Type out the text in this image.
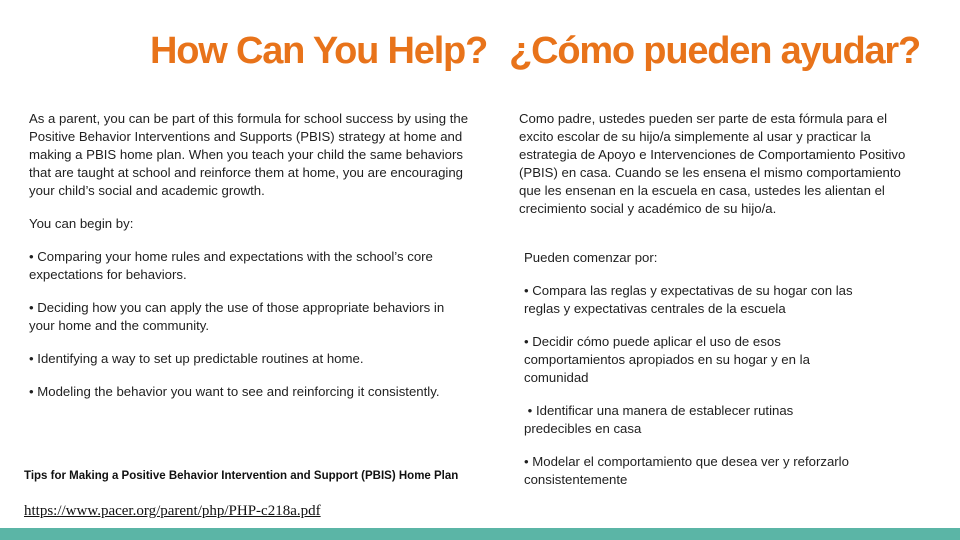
How Can You Help? ¿Cómo pueden ayudar?

As a parent, you can be part of this formula for school success by using the Positive Behavior Interventions and Supports (PBIS) strategy at home and making a PBIS home plan. When you teach your child the same behaviors that are taught at school and reinforce them at home, you are encouraging your child’s social and academic growth.

You can begin by:

• Comparing your home rules and expectations with the school’s core expectations for behaviors.

• Deciding how you can apply the use of those appropriate behaviors in your home and the community.

• Identifying a way to set up predictable routines at home.

• Modeling the behavior you want to see and reinforcing it consistently.

Como padre, ustedes pueden ser parte de esta fórmula para el excito escolar de su hijo/a simplemente al usar y practicar la estrategia de Apoyo e Intervenciones de Comportamiento Positivo (PBIS) en casa. Cuando se les ensena el mismo comportamiento que les ensenan en la escuela en casa, ustedes les alientan el crecimiento social y académico de su hijo/a.

Pueden comenzar por:

• Compara las reglas y expectativas de su hogar con las reglas y expectativas centrales de la escuela

• Decidir cómo puede aplicar el uso de esos comportamientos apropiados en su hogar y en la comunidad

• Identificar una manera de establecer rutinas predecibles en casa

• Modelar el comportamiento que desea ver y reforzarlo consistentemente

Tips for Making a Positive Behavior Intervention and Support (PBIS) Home Plan
https://www.pacer.org/parent/php/PHP-c218a.pdf
